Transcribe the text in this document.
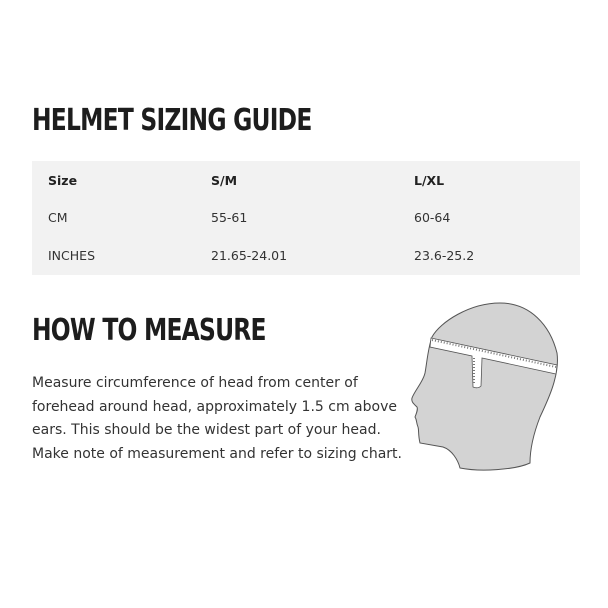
HELMET SIZING GUIDE
Size	S/M	L/XL
CM	55-61	60-64
INCHES	21.65-24.01	23.6-25.2
HOW TO MEASURE
Measure circumference of head from center of forehead around head, approximately 1.5 cm above ears. This should be the widest part of your head. Make note of measurement and refer to sizing chart.
